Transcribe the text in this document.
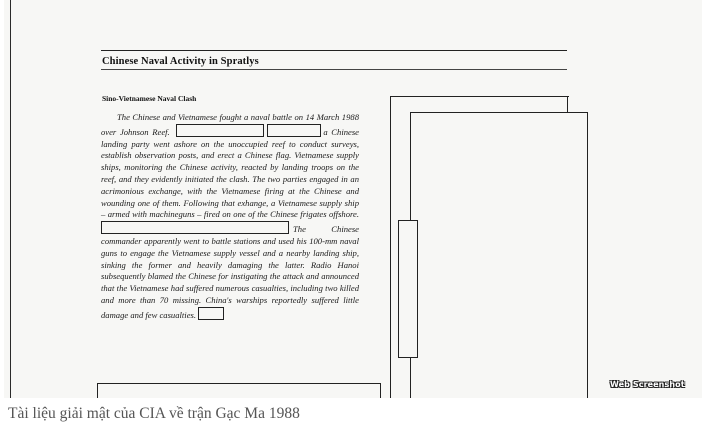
Chinese Naval Activity in Spratlys
Sino-Vietnamese Naval Clash
The Chinese and Vietnamese fought a naval battle on 14 March 1988 over Johnson Reef.	a Chinese landing party went ashore on the unoccupied reef to conduct surveys, establish observation posts, and erect a Chinese flag. Vietnamese supply ships, monitoring the Chinese activity, reacted by landing troops on the reef, and they evidently initiated the clash. The two parties engaged in an acrimonious exchange, with the Vietnamese firing at the Chinese and wounding one of them. Following that exhange, a Vietnamese supply ship – armed with machineguns – fired on one of the Chinese frigates offshore. The Chinese commander apparently went to battle stations and used his 100-mm naval guns to engage the Vietnamese supply vessel and a nearby landing ship, sinking the former and heavily damaging the latter. Radio Hanoi subsequently blamed the Chinese for instigating the attack and announced that the Vietnamese had suffered numerous casualties, including two killed and more than 70 missing. China's warships reportedly suffered little damage and few casualties.
Web Screenshot
Tài liệu giải mật của CIA về trận Gạc Ma 1988
